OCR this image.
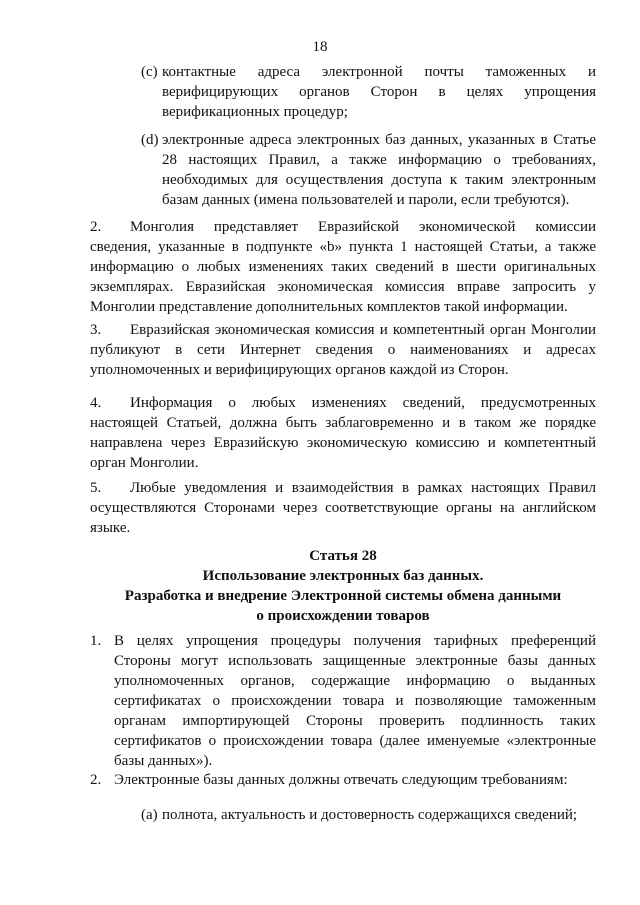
18
(c) контактные адреса электронной почты таможенных и верифицирующих органов Сторон в целях упрощения верификационных процедур;
(d) электронные адреса электронных баз данных, указанных в Статье 28 настоящих Правил, а также информацию о требованиях, необходимых для осуществления доступа к таким электронным базам данных (имена пользователей и пароли, если требуются).
2. Монголия представляет Евразийской экономической комиссии сведения, указанные в подпункте «b» пункта 1 настоящей Статьи, а также информацию о любых изменениях таких сведений в шести оригинальных экземплярах. Евразийская экономическая комиссия вправе запросить у Монголии представление дополнительных комплектов такой информации.
3. Евразийская экономическая комиссия и компетентный орган Монголии публикуют в сети Интернет сведения о наименованиях и адресах уполномоченных и верифицирующих органов каждой из Сторон.
4. Информация о любых изменениях сведений, предусмотренных настоящей Статьей, должна быть заблаговременно и в таком же порядке направлена через Евразийскую экономическую комиссию и компетентный орган Монголии.
5. Любые уведомления и взаимодействия в рамках настоящих Правил осуществляются Сторонами через соответствующие органы на английском языке.
Статья 28
Использование электронных баз данных.
Разработка и внедрение Электронной системы обмена данными
о происхождении товаров
1. В целях упрощения процедуры получения тарифных преференций Стороны могут использовать защищенные электронные базы данных уполномоченных органов, содержащие информацию о выданных сертификатах о происхождении товара и позволяющие таможенным органам импортирующей Стороны проверить подлинность таких сертификатов о происхождении товара (далее именуемые «электронные базы данных»).
2. Электронные базы данных должны отвечать следующим требованиям:
(a) полнота, актуальность и достоверность содержащихся сведений;
